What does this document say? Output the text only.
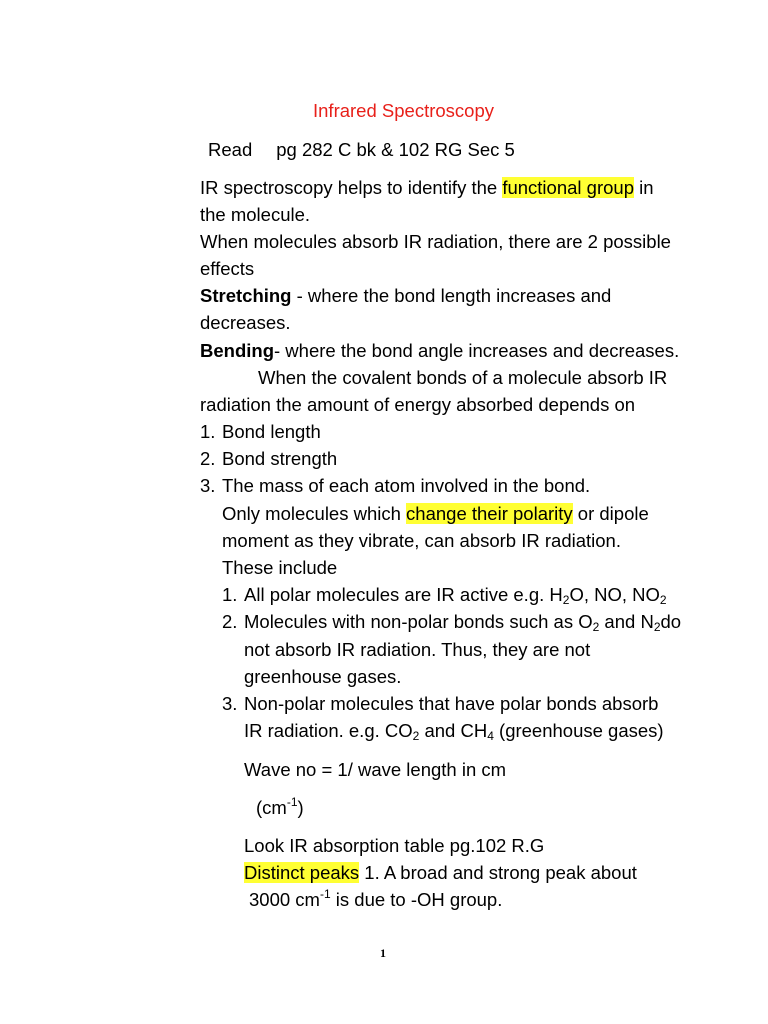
Infrared Spectroscopy
Read pg 282 C bk & 102 RG Sec 5
IR spectroscopy helps to identify the functional group in
the molecule.
When molecules absorb IR radiation, there are 2 possible
effects
Stretching - where the bond length increases and
decreases.
Bending- where the bond angle increases and decreases.
When the covalent bonds of a molecule absorb IR
radiation the amount of energy absorbed depends on
1. Bond length
2. Bond strength
3. The mass of each atom involved in the bond.
Only molecules which change their polarity or dipole
moment as they vibrate, can absorb IR radiation.
These include
1. All polar molecules are IR active e.g. $H_2O$, NO, $NO_2$
2. Molecules with non-polar bonds such as $O_2$ and $N_2do$
not absorb IR radiation. Thus, they are not
greenhouse gases.
3. Non-polar molecules that have polar bonds absorb
IR radiation. e.g. $CO_2$ and $CH_4$ (greenhouse gases)
Wave no = 1/ wave length in cm
$(cm^{-1})$
Look IR absorption table pg.102 R.G
Distinct peaks 1. A broad and strong peak about
3000 $cm^{-1}$ is due to -OH group.
1
